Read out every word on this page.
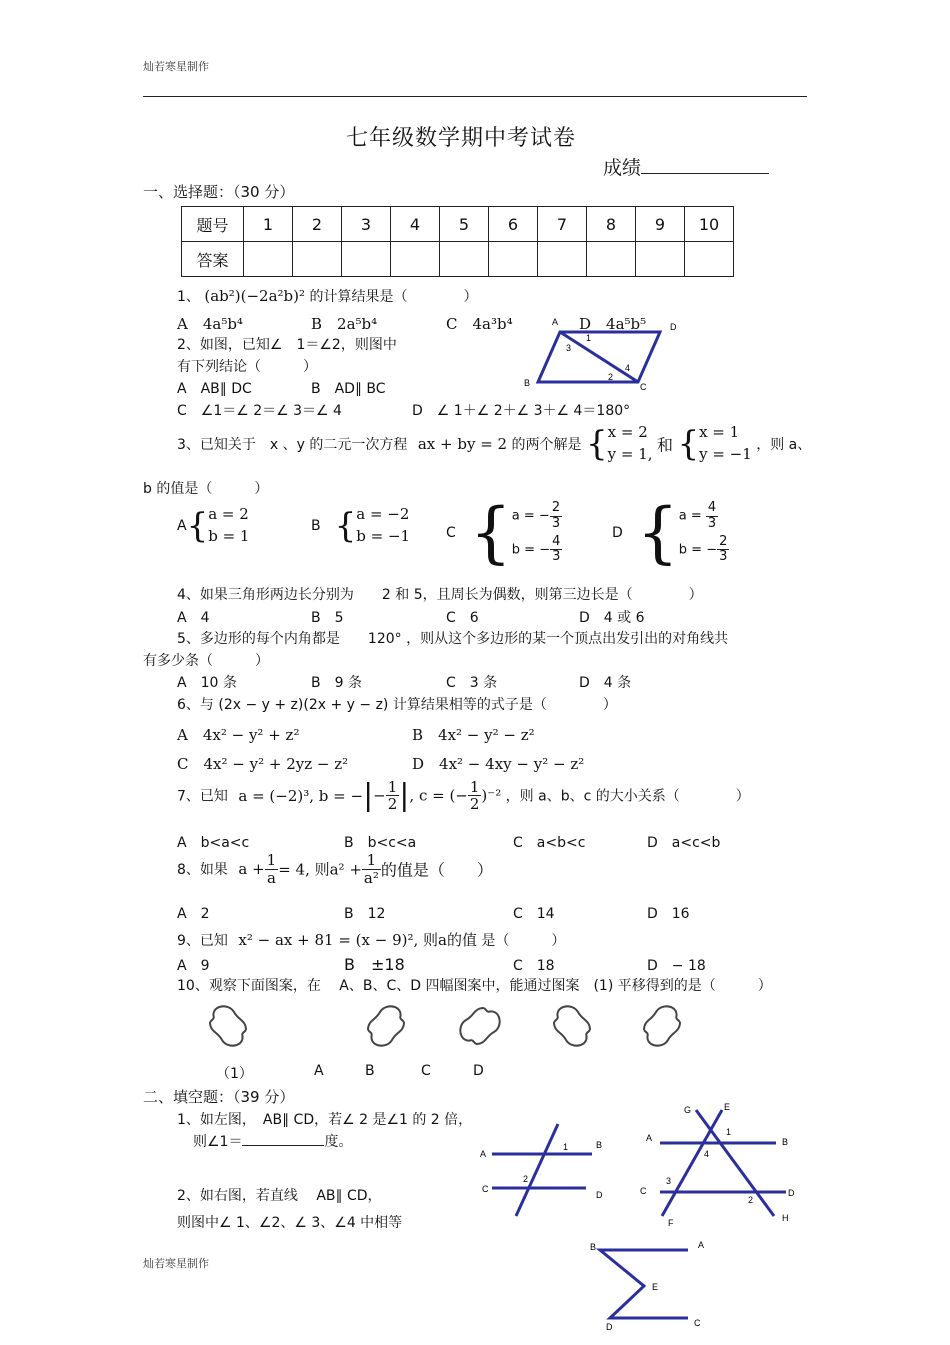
灿若寒星制作
七年级数学期中考试卷
成绩
一、选择题：（30 分）
题号	1	2	3	4	5	6	7	8	9	10
答案										
1、 (ab²)(−2a²b)² 的计算结果是（　　　　）
A　4a⁵b⁴	B　2a⁵b⁴	C　4a³b⁴	D　4a⁵b⁵
2、如图，已知∠　1＝∠2，则图中
有下列结论（　　　）
A　AB∥ DC	B　AD∥ BC
C　∠1＝∠ 2＝∠ 3＝∠ 4	D　∠ 1＋∠ 2＋∠ 3＋∠ 4＝180°
A	D
B	C
1
2
3
4
3、已知关于　x 、y 的二元一次方程 ax + by = 2 的两个解是 { x = 2
y = 1, 和 { x = 1
y = −1 ，则 a、
b 的值是（　　　）
A{ a = 2
b = 1
B　 { a = −2
b = −1	C　 { a = − $\frac{2}{3}$
b = − $\frac{4}{3}$
D　 { $a = \frac{4}{3}$
b = − $\frac{2}{3}$
4、如果三角形两边长分别为　　2 和 5，且周长为偶数，则第三边长是（　　　　）
A　4	B　5	C　6	D　4 或 6
5、多边形的每个内角都是　　120° ，则从这个多边形的某一个顶点出发引出的对角线共
有多少条（　　　）
A　10 条	B　9 条	C　3 条	D　4 条
6、与 (2x − y + z)(2x + y − z) 计算结果相等的式子是（　　　　）
A　4x² − y² + z²	B　4x² − y² − z²
C　4x² − y² + 2yz − z²	D　4x² − 4xy − y² − z²
7、已知 a = (−2)³, b = −|− $\frac{1}{2}$ |, c = (− $\frac{1}{2} )^{-2}$ ，则 a、b、c 的大小关系（　　　　）
A　b<a<c	B　b<c<a	C　a<b<c	D　a<c<b
8、如果 $a + \frac{1}{a} = 4$, 则$a^2 + \frac{1}{\text{a²}}$ 的值是（　　）
A　2	B　12	C　14	D　16
9、已知 x² − ax + 81 = (x − 9)², 则a的值 是（　　　）
A　9	B　±18	C　18	D　− 18
10、观察下面图案，在　 A、B、C、D 四幅图案中，能通过图案　(1) 平移得到的是（　　　）
（1）	A	B	C	D
二、填空题：（39 分）
1、如左图，　AB∥ CD，若∠ 2 是∠1 的 2 倍，
则∠1＝	度。
A
B
C
D
1
2
2、如右图，若直线　 AB∥ CD，
则图中∠ 1、∠2、∠ 3、∠4 中相等
G	E
A	B
1
4
C
3
2
D
F	H
B	A
E
D	C
灿若寒星制作
